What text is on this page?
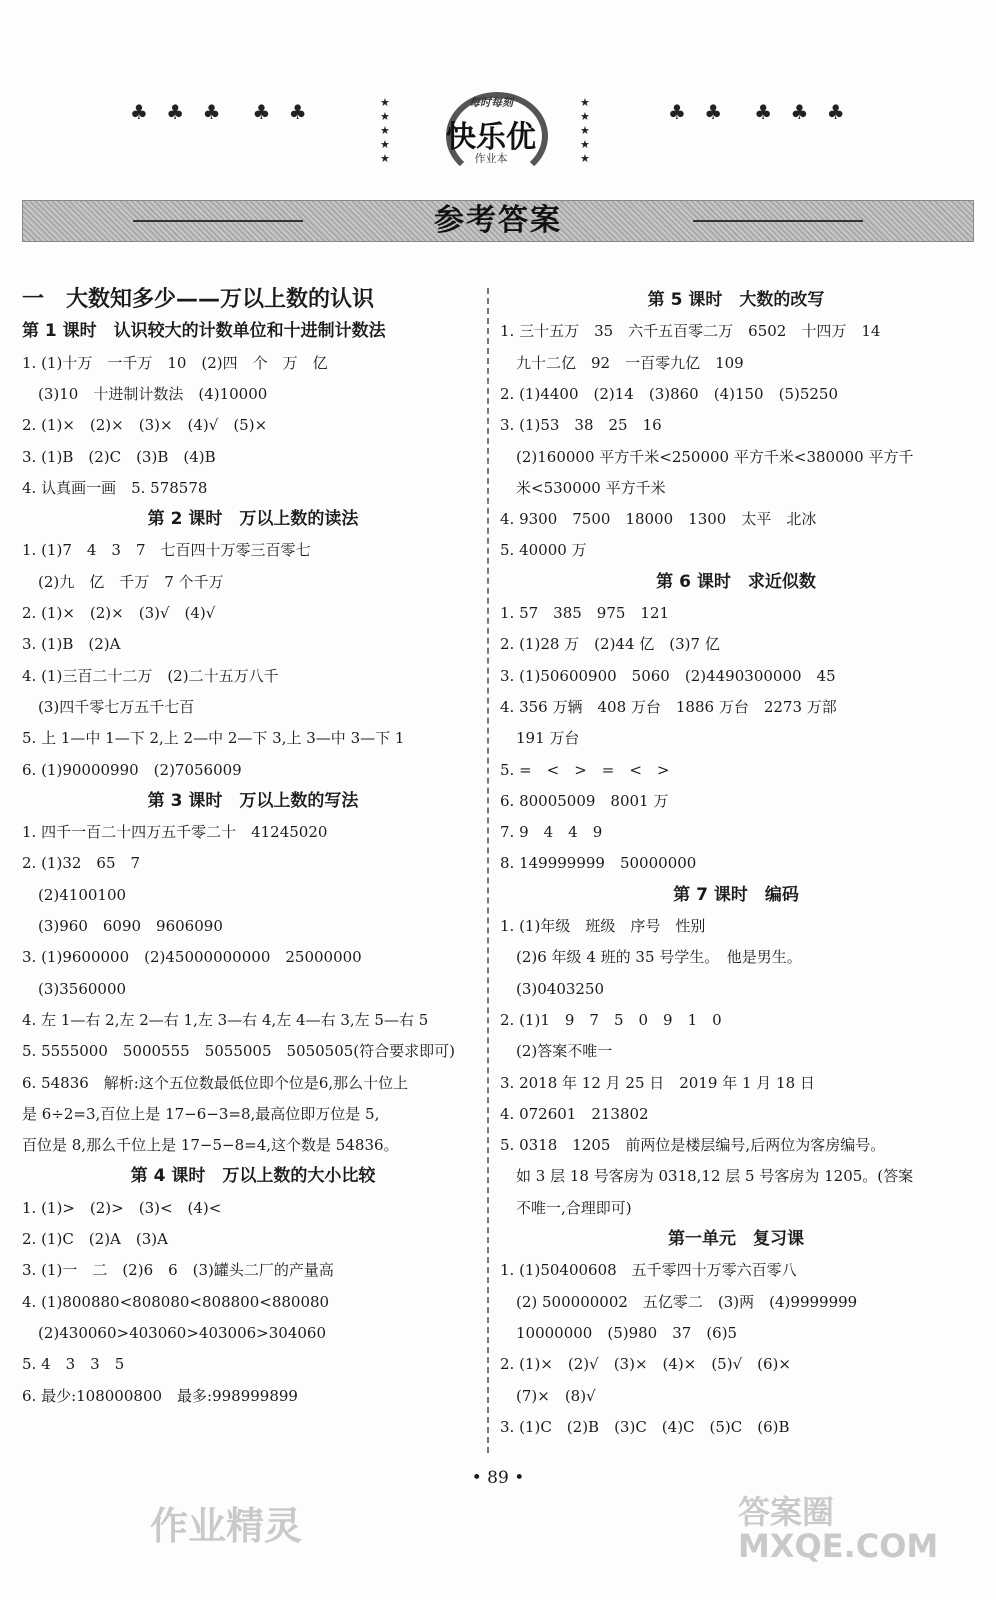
♣ ♣ ♣　♣ ♣	♣ ♣　♣ ♣ ♣
★
★
★
★
★
★
★
★
★
★
每时每刻
快乐优
作业本
参考答案
一　大数知多少——万以上数的认识
第 1 课时　认识较大的计数单位和十进制计数法
1. (1)十万　一千万　10　(2)四　个　万　亿
(3)10　十进制计数法　(4)10000
2. (1)×　(2)×　(3)×　(4)√　(5)×
3. (1)B　(2)C　(3)B　(4)B
4. 认真画一画　5. 578578
第 2 课时　万以上数的读法
1. (1)7　4　3　7　七百四十万零三百零七
(2)九　亿　千万　7 个千万
2. (1)×　(2)×　(3)√　(4)√
3. (1)B　(2)A
4. (1)三百二十二万　(2)二十五万八千
(3)四千零七万五千七百
5. 上 1—中 1—下 2,上 2—中 2—下 3,上 3—中 3—下 1
6. (1)90000990　(2)7056009
第 3 课时　万以上数的写法
1. 四千一百二十四万五千零二十　41245020
2. (1)32　65　7
(2)4100100
(3)960　6090　9606090
3. (1)9600000　(2)45000000000　25000000
(3)3560000
4. 左 1—右 2,左 2—右 1,左 3—右 4,左 4—右 3,左 5—右 5
5. 5555000　5000555　5055005　5050505(符合要求即可)
6. 54836　解析:这个五位数最低位即个位是6,那么十位上
是 6÷2=3,百位上是 17−6−3=8,最高位即万位是 5,
百位是 8,那么千位上是 17−5−8=4,这个数是 54836。
第 4 课时　万以上数的大小比较
1. (1)>　(2)>　(3)<　(4)<
2. (1)C　(2)A　(3)A
3. (1)一　二　(2)6　6　(3)罐头二厂的产量高
4. (1)800880<808080<808800<880080
(2)430060>403060>403006>304060
5. 4　3　3　5
6. 最少:108000800　最多:998999899
第 5 课时　大数的改写
1. 三十五万　35　六千五百零二万　6502　十四万　14
九十二亿　92　一百零九亿　109
2. (1)4400　(2)14　(3)860　(4)150　(5)5250
3. (1)53　38　25　16
(2)160000 平方千米<250000 平方千米<380000 平方千
米<530000 平方千米
4. 9300　7500　18000　1300　太平　北冰
5. 40000 万
第 6 课时　求近似数
1. 57　385　975　121
2. (1)28 万　(2)44 亿　(3)7 亿
3. (1)50600900　5060　(2)4490300000　45
4. 356 万辆　408 万台　1886 万台　2273 万部
191 万台
5. =　<　>　=　<　>
6. 80005009　8001 万
7. 9　4　4　9
8. 149999999　50000000
第 7 课时　编码
1. (1)年级　班级　序号　性别
(2)6 年级 4 班的 35 号学生。　他是男生。
(3)0403250
2. (1)1　9　7　5　0　9　1　0
(2)答案不唯一
3. 2018 年 12 月 25 日　2019 年 1 月 18 日
4. 072601　213802
5. 0318　1205　前两位是楼层编号,后两位为客房编号。
如 3 层 18 号客房为 0318,12 层 5 号客房为 1205。(答案
不唯一,合理即可)
第一单元　复习课
1. (1)50400608　五千零四十万零六百零八
(2) 500000002　五亿零二　(3)两　(4)9999999
10000000　(5)980　37　(6)5
2. (1)×　(2)√　(3)×　(4)×　(5)√　(6)×
(7)×　(8)√
3. (1)C　(2)B　(3)C　(4)C　(5)C　(6)B
• 89 •
作业精灵	答案圈 MXQE.COM
